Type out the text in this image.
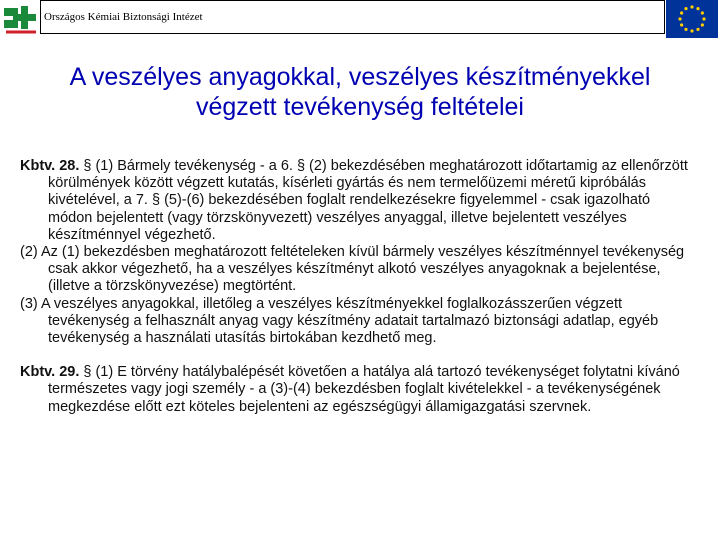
Országos Kémiai Biztonsági Intézet
A veszélyes anyagokkal, veszélyes készítményekkel
végzett tevékenység feltételei

Kbtv. 28. § (1) Bármely tevékenység - a 6. § (2) bekezdésében meghatározott időtartamig az ellenőrzött körülmények között végzett kutatás, kísérleti gyártás és nem termelőüzemi méretű kipróbálás kivételével, a 7. § (5)-(6) bekezdésében foglalt rendelkezésekre figyelemmel - csak igazolható módon bejelentett (vagy törzskönyvezett) veszélyes anyaggal, illetve bejelentett veszélyes készítménnyel végezhető.

(2) Az (1) bekezdésben meghatározott feltételeken kívül bármely veszélyes készítménnyel tevékenység csak akkor végezhető, ha a veszélyes készítményt alkotó veszélyes anyagoknak a bejelentése, (illetve a törzskönyvezése) megtörtént.

(3) A veszélyes anyagokkal, illetőleg a veszélyes készítményekkel foglalkozásszerűen végzett tevékenység a felhasznált anyag vagy készítmény adatait tartalmazó biztonsági adatlap, egyéb tevékenység a használati utasítás birtokában kezdhető meg.

Kbtv. 29. § (1) E törvény hatálybalépését követően a hatálya alá tartozó tevékenységet folytatni kívánó természetes vagy jogi személy - a (3)-(4) bekezdésben foglalt kivételekkel - a tevékenységének megkezdése előtt ezt köteles bejelenteni az egészségügyi államigazgatási szervnek.
